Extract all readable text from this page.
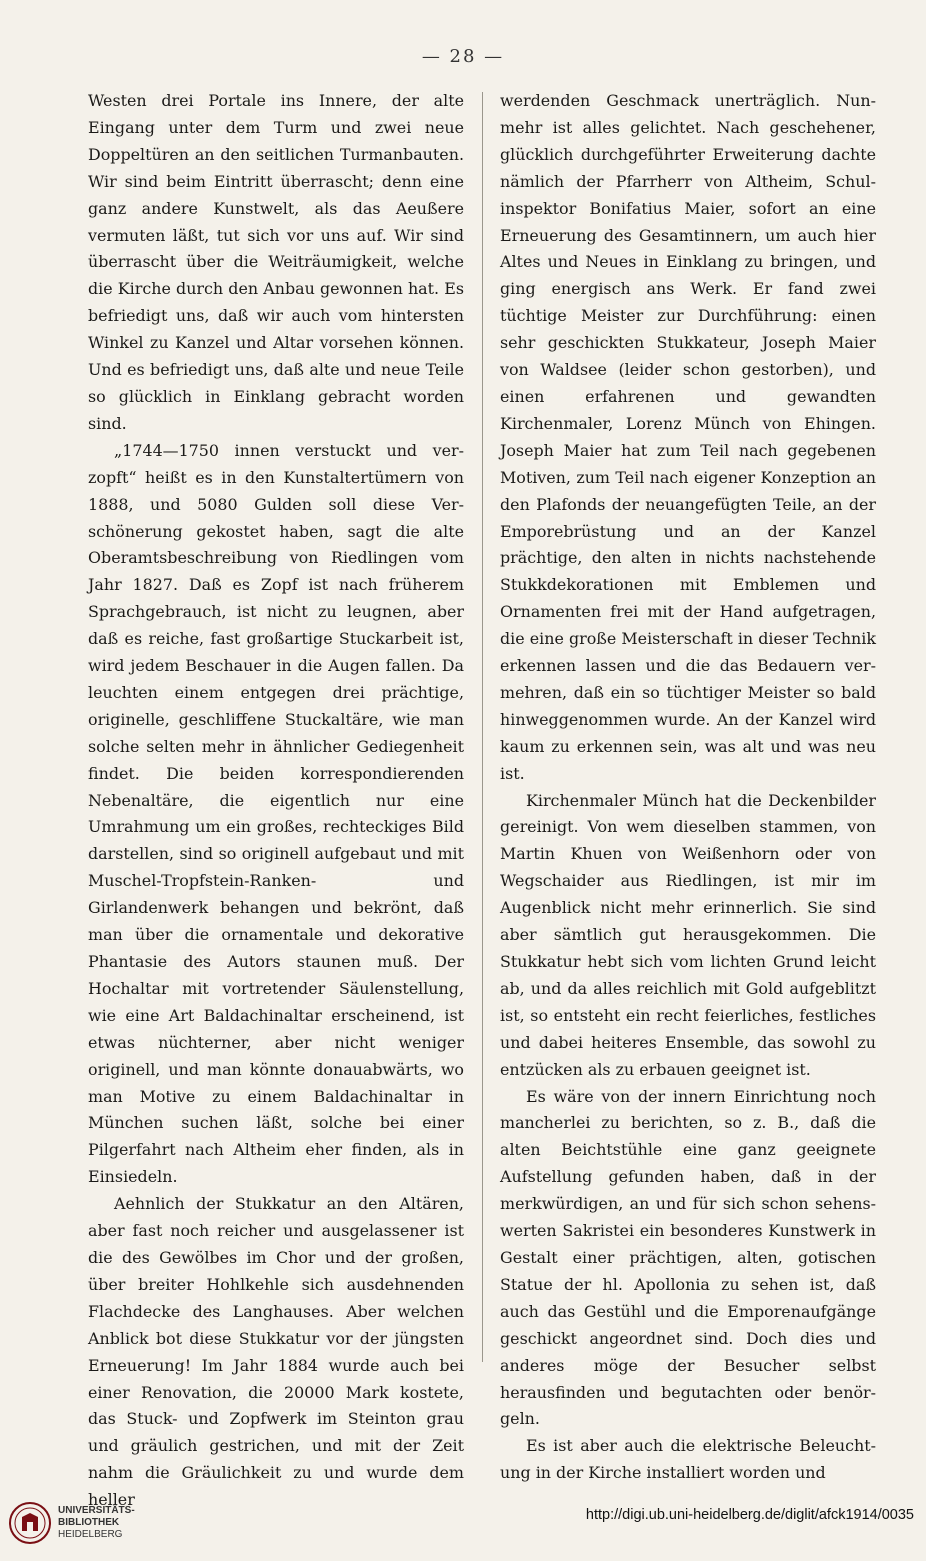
— 28 —

Westen drei Portale ins Innere, der alte Eingang unter dem Turm und zwei neue Doppeltüren an den seitlichen Turmanbauten. Wir sind beim Eintritt überrascht; denn eine ganz andere Kunstwelt, als das Aeußere vermuten läßt, tut sich vor uns auf. Wir sind überrascht über die Weiträumigkeit, welche die Kirche durch den Anbau gewonnen hat. Es befriedigt uns, daß wir auch vom hintersten Winkel zu Kanzel und Altar vorsehen können. Und es befriedigt uns, daß alte und neue Teile so glücklich in Einklang gebracht worden sind.

„1744—1750 innen verstuckt und verzopft“ heißt es in den Kunstaltertümern von 1888, und 5080 Gulden soll diese Verschönerung gekostet haben, sagt die alte Oberamtsbeschreibung von Riedlingen vom Jahr 1827. Daß es Zopf ist nach früherem Sprachgebrauch, ist nicht zu leugnen, aber daß es reiche, fast großartige Stuckarbeit ist, wird jedem Beschauer in die Augen fallen. Da leuchten einem entgegen drei prächtige, originelle, geschliffene Stuckaltäre, wie man solche selten mehr in ähnlicher Gediegenheit findet. Die beiden korrespondierenden Nebenaltäre, die eigentlich nur eine Umrahmung um ein großes, rechteckiges Bild darstellen, sind so originell aufgebaut und mit Muschel-Tropfstein-Ranken- und Girlandenwerk behangen und bekrönt, daß man über die ornamentale und dekorative Phantasie des Autors staunen muß. Der Hochaltar mit vortretender Säulenstellung, wie eine Art Baldachinaltar erscheinend, ist etwas nüchterner, aber nicht weniger originell, und man könnte donauabwärts, wo man Motive zu einem Baldachinaltar in München suchen läßt, solche bei einer Pilgerfahrt nach Altheim eher finden, als in Einsiedeln.

Aehnlich der Stukkatur an den Altären, aber fast noch reicher und ausgelassener ist die des Gewölbes im Chor und der großen, über breiter Hohlkehle sich ausdehnenden Flachdecke des Langhauses. Aber welchen Anblick bot diese Stukkatur vor der jüngsten Erneuerung! Im Jahr 1884 wurde auch bei einer Renovation, die 20000 Mark kostete, das Stuck- und Zopfwerk im Steinton grau und gräulich gestrichen, und mit der Zeit nahm die Gräulichkeit zu und wurde dem heller

werdenden Geschmack unerträglich. Nunmehr ist alles gelichtet. Nach geschehener, glücklich durchgeführter Erweiterung dachte nämlich der Pfarrherr von Altheim, Schulinspektor Bonifatius Maier, sofort an eine Erneuerung des Gesamtinnern, um auch hier Altes und Neues in Einklang zu bringen, und ging energisch ans Werk. Er fand zwei tüchtige Meister zur Durchführung: einen sehr geschickten Stukkateur, Joseph Maier von Waldsee (leider schon gestorben), und einen erfahrenen und gewandten Kirchenmaler, Lorenz Münch von Ehingen. Joseph Maier hat zum Teil nach gegebenen Motiven, zum Teil nach eigener Konzeption an den Plafonds der neuangefügten Teile, an der Emporebrüstung und an der Kanzel prächtige, den alten in nichts nachstehende Stukkdekorationen mit Emblemen und Ornamenten frei mit der Hand aufgetragen, die eine große Meisterschaft in dieser Technik erkennen lassen und die das Bedauern vermehren, daß ein so tüchtiger Meister so bald hinweggenommen wurde. An der Kanzel wird kaum zu erkennen sein, was alt und was neu ist.

Kirchenmaler Münch hat die Deckenbilder gereinigt. Von wem dieselben stammen, von Martin Khuen von Weißenhorn oder von Wegschaider aus Riedlingen, ist mir im Augenblick nicht mehr erinnerlich. Sie sind aber sämtlich gut herausgekommen. Die Stukkatur hebt sich vom lichten Grund leicht ab, und da alles reichlich mit Gold aufgeblitzt ist, so entsteht ein recht feierliches, festliches und dabei heiteres Ensemble, das sowohl zu entzücken als zu erbauen geeignet ist.

Es wäre von der innern Einrichtung noch mancherlei zu berichten, so z. B., daß die alten Beichtstühle eine ganz geeignete Aufstellung gefunden haben, daß in der merkwürdigen, an und für sich schon sehenswerten Sakristei ein besonderes Kunstwerk in Gestalt einer prächtigen, alten, gotischen Statue der hl. Apollonia zu sehen ist, daß auch das Gestühl und die Emporenaufgänge geschickt angeordnet sind. Doch dies und anderes möge der Besucher selbst herausfinden und begutachten oder benörgeln.

Es ist aber auch die elektrische Beleuchtung in der Kirche installiert worden und

UNIVERSITÄTS-
BIBLIOTHEK
HEIDELBERG
http://digi.ub.uni-heidelberg.de/diglit/afck1914/0035
